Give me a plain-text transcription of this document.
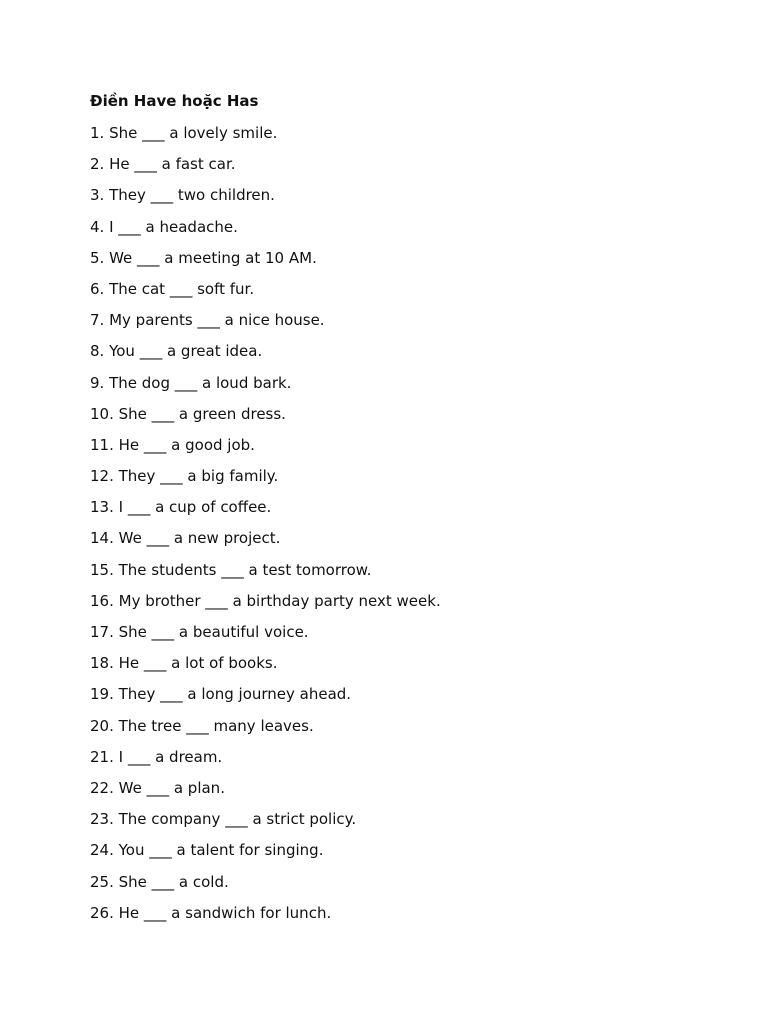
Điền Have hoặc Has
1. She ___ a lovely smile.
2. He ___ a fast car.
3. They ___ two children.
4. I ___ a headache.
5. We ___ a meeting at 10 AM.
6. The cat ___ soft fur.
7. My parents ___ a nice house.
8. You ___ a great idea.
9. The dog ___ a loud bark.
10. She ___ a green dress.
11. He ___ a good job.
12. They ___ a big family.
13. I ___ a cup of coffee.
14. We ___ a new project.
15. The students ___ a test tomorrow.
16. My brother ___ a birthday party next week.
17. She ___ a beautiful voice.
18. He ___ a lot of books.
19. They ___ a long journey ahead.
20. The tree ___ many leaves.
21. I ___ a dream.
22. We ___ a plan.
23. The company ___ a strict policy.
24. You ___ a talent for singing.
25. She ___ a cold.
26. He ___ a sandwich for lunch.
